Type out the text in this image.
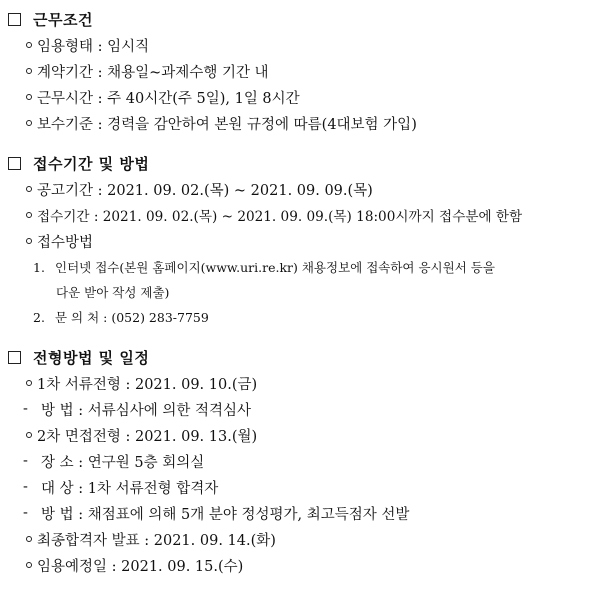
근무조건
임용형태 : 임시직
계약기간 : 채용일~과제수행 기간 내
근무시간 : 주 40시간(주 5일), 1일 8시간
보수기준 : 경력을 감안하여 본원 규정에 따름(4대보험 가입)
접수기간 및 방법
공고기간 : 2021. 09. 02.(목) ~ 2021. 09. 09.(목)
접수기간 : 2021. 09. 02.(목) ~ 2021. 09. 09.(목) 18:00시까지 접수분에 한함
접수방법
1. 인터넷 접수(본원 홈페이지(www.uri.re.kr) 채용정보에 접속하여 응시원서 등을
다운 받아 작성 제출)
2. 문 의 처 : (052) 283-7759
전형방법 및 일정
1차 서류전형 : 2021. 09. 10.(금)
- 방 법 : 서류심사에 의한 적격심사
2차 면접전형 : 2021. 09. 13.(월)
- 장 소 : 연구원 5층 회의실
- 대 상 : 1차 서류전형 합격자
- 방 법 : 채점표에 의해 5개 분야 정성평가, 최고득점자 선발
최종합격자 발표 : 2021. 09. 14.(화)
임용예정일 : 2021. 09. 15.(수)
